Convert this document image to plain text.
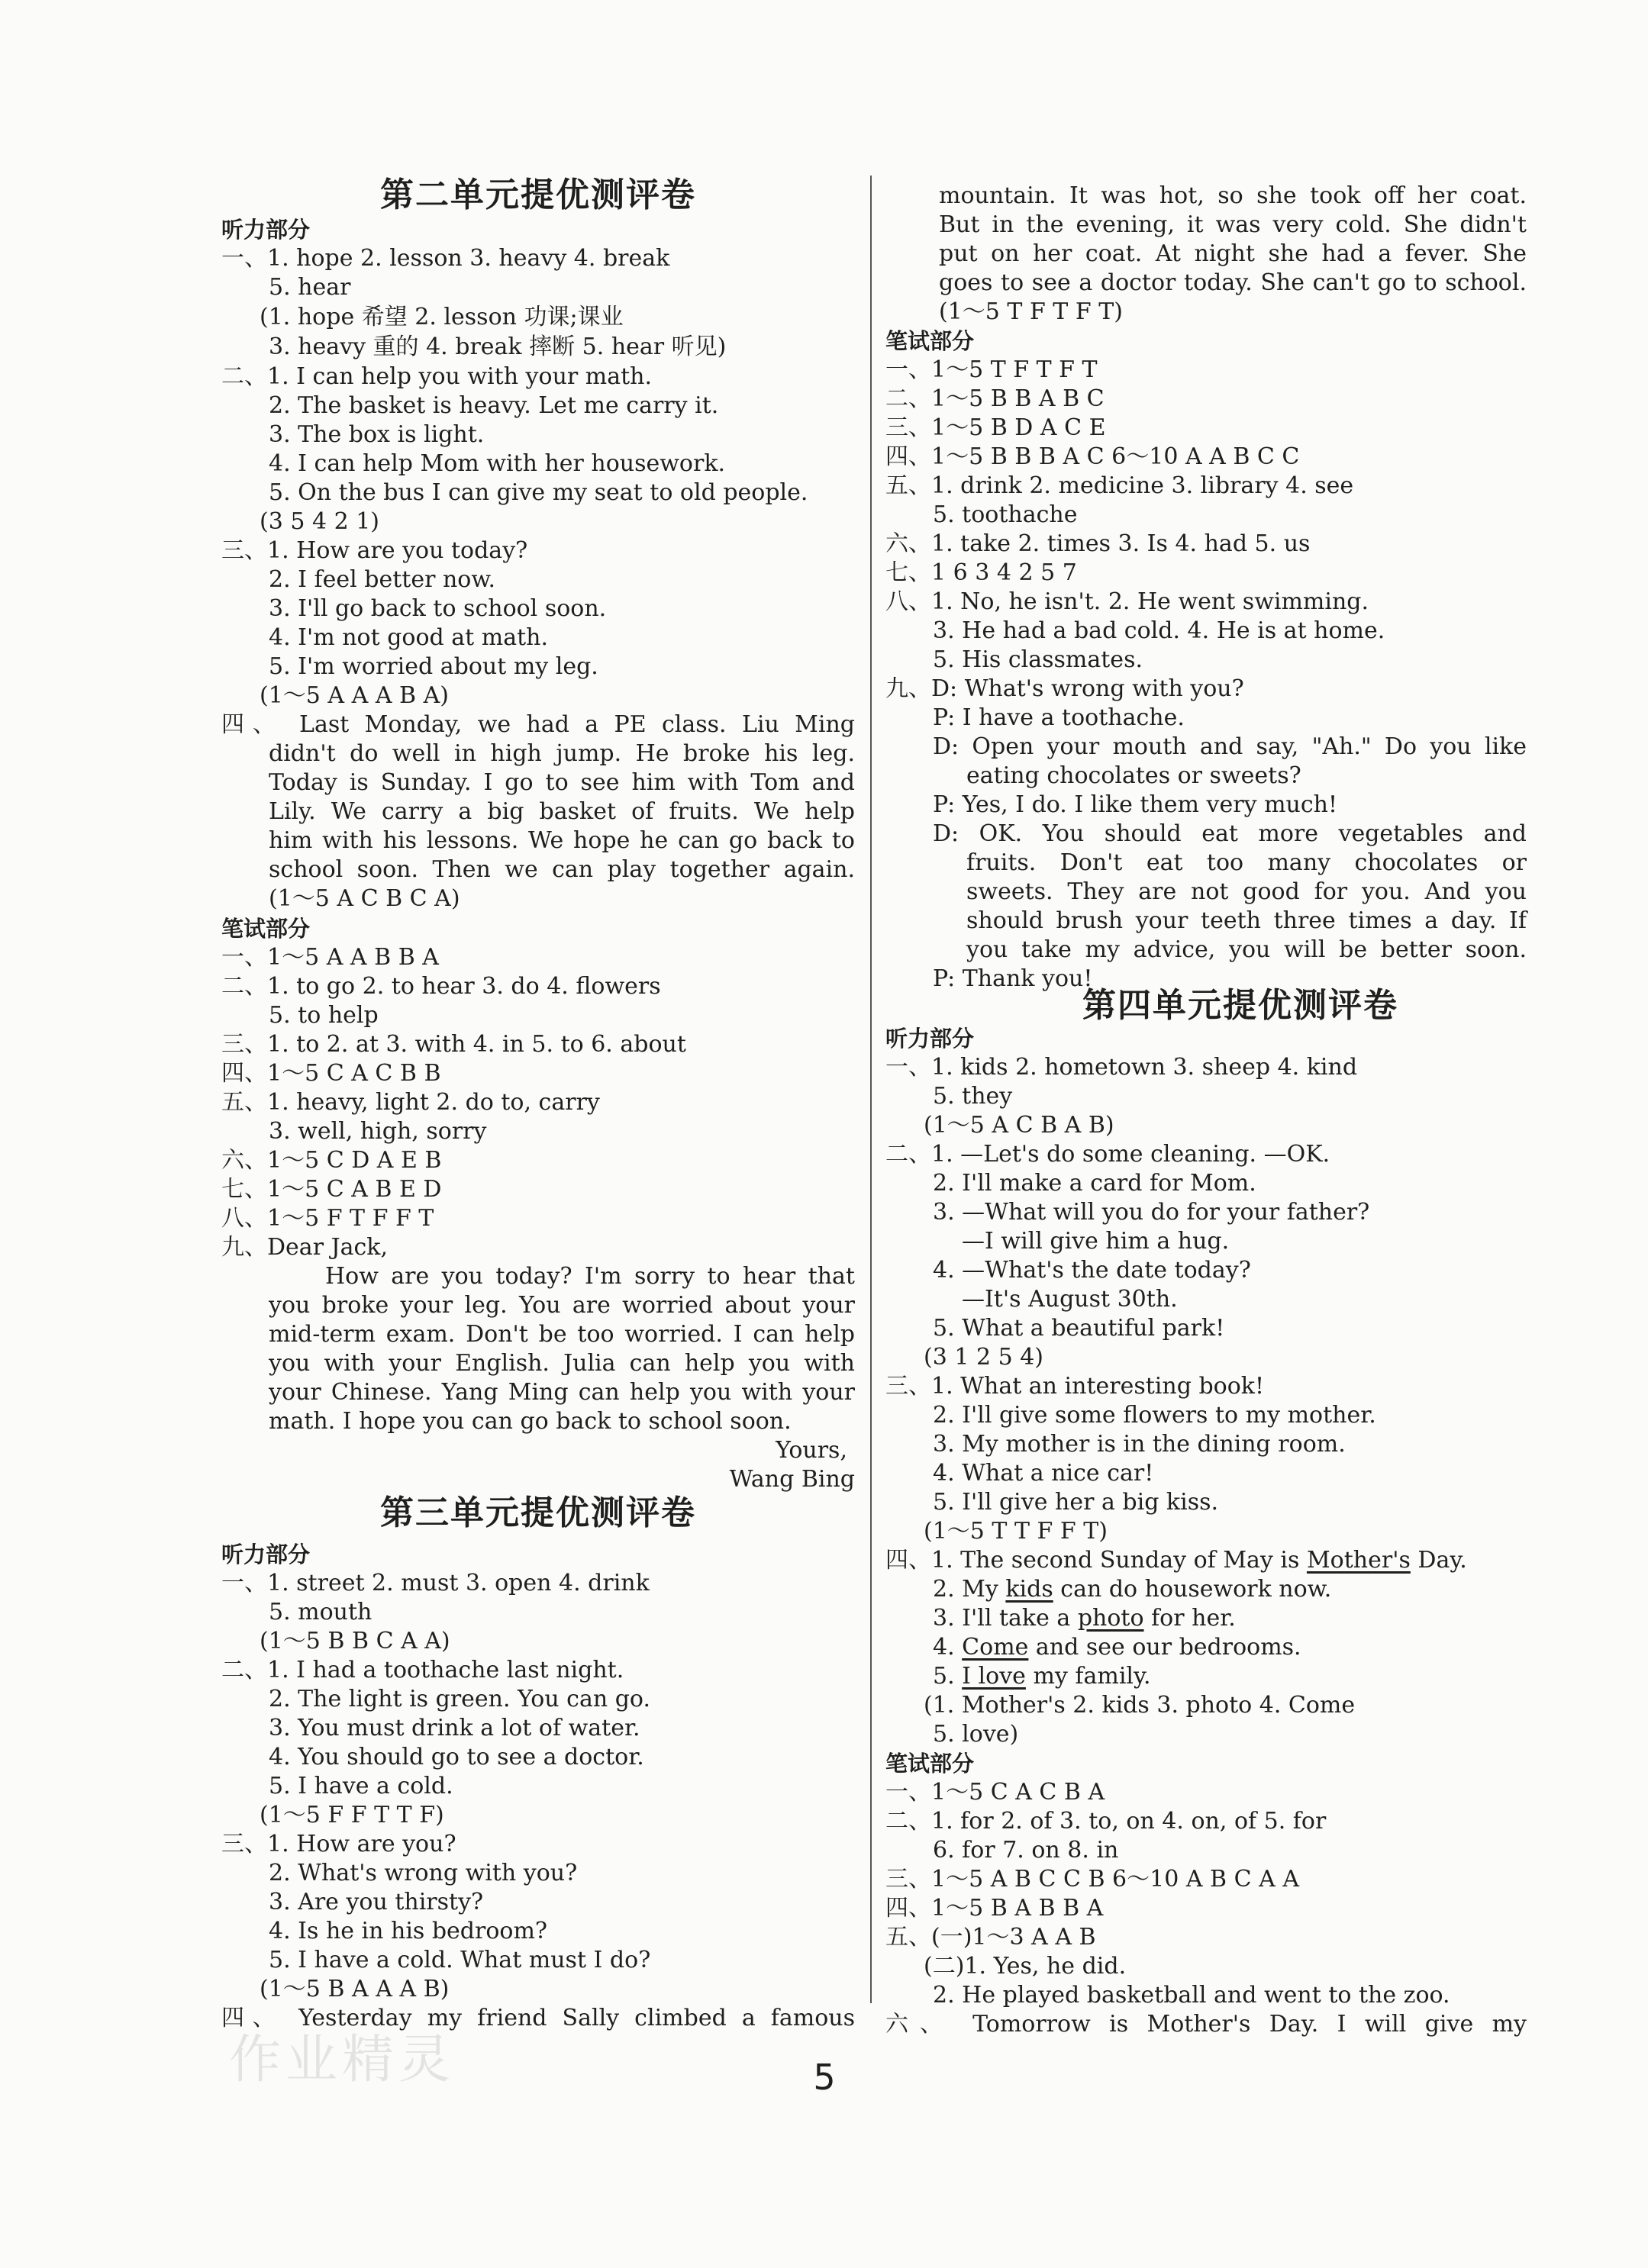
第二单元提优测评卷
听力部分
一、1. hope 2. lesson 3. heavy 4. break
5. hear
(1. hope 希望 2. lesson 功课;课业
3. heavy 重的 4. break 摔断 5. hear 听见)
二、1. I can help you with your math.
2. The basket is heavy. Let me carry it.
3. The box is light.
4. I can help Mom with her housework.
5. On the bus I can give my seat to old people.
(3 5 4 2 1)
三、1. How are you today?
2. I feel better now.
3. I'll go back to school soon.
4. I'm not good at math.
5. I'm worried about my leg.
(1～5 A A A B A)
四、 Last Monday, we had a PE class. Liu Ming
didn't do well in high jump. He broke his leg.
Today is Sunday. I go to see him with Tom and
Lily. We carry a big basket of fruits. We help
him with his lessons. We hope he can go back to
school soon. Then we can play together again.
(1～5 A C B C A)
笔试部分
一、1～5 A A B B A
二、1. to go 2. to hear 3. do 4. flowers
5. to help
三、1. to 2. at 3. with 4. in 5. to 6. about
四、1～5 C A C B B
五、1. heavy, light 2. do to, carry
3. well, high, sorry
六、1～5 C D A E B
七、1～5 C A B E D
八、1～5 F T F F T
九、Dear Jack,
How are you today? I'm sorry to hear that
you broke your leg. You are worried about your
mid-term exam. Don't be too worried. I can help
you with your English. Julia can help you with
your Chinese. Yang Ming can help you with your
math. I hope you can go back to school soon.
Yours,
Wang Bing
第三单元提优测评卷
听力部分
一、1. street 2. must 3. open 4. drink
5. mouth
(1～5 B B C A A)
二、1. I had a toothache last night.
2. The light is green. You can go.
3. You must drink a lot of water.
4. You should go to see a doctor.
5. I have a cold.
(1～5 F F T T F)
三、1. How are you?
2. What's wrong with you?
3. Are you thirsty?
4. Is he in his bedroom?
5. I have a cold. What must I do?
(1～5 B A A A B)
四、 Yesterday my friend Sally climbed a famous
mountain. It was hot, so she took off her coat.
But in the evening, it was very cold. She didn't
put on her coat. At night she had a fever. She
goes to see a doctor today. She can't go to school.
(1～5 T F T F T)
笔试部分
一、1～5 T F T F T
二、1～5 B B A B C
三、1～5 B D A C E
四、1～5 B B B A C 6～10 A A B C C
五、1. drink 2. medicine 3. library 4. see
5. toothache
六、1. take 2. times 3. Is 4. had 5. us
七、1 6 3 4 2 5 7
八、1. No, he isn't. 2. He went swimming.
3. He had a bad cold. 4. He is at home.
5. His classmates.
九、D: What's wrong with you?
P: I have a toothache.
D: Open your mouth and say, "Ah." Do you like
eating chocolates or sweets?
P: Yes, I do. I like them very much!
D: OK. You should eat more vegetables and
fruits. Don't eat too many chocolates or
sweets. They are not good for you. And you
should brush your teeth three times a day. If
you take my advice, you will be better soon.
P: Thank you!
第四单元提优测评卷
听力部分
一、1. kids 2. hometown 3. sheep 4. kind
5. they
(1～5 A C B A B)
二、1. —Let's do some cleaning. —OK.
2. I'll make a card for Mom.
3. —What will you do for your father?
—I will give him a hug.
4. —What's the date today?
—It's August 30th.
5. What a beautiful park!
(3 1 2 5 4)
三、1. What an interesting book!
2. I'll give some flowers to my mother.
3. My mother is in the dining room.
4. What a nice car!
5. I'll give her a big kiss.
(1～5 T T F F T)
四、1. The second Sunday of May is Mother's Day.
2. My kids can do housework now.
3. I'll take a photo for her.
4. Come and see our bedrooms.
5. I love my family.
(1. Mother's 2. kids 3. photo 4. Come
5. love)
笔试部分
一、1～5 C A C B A
二、1. for 2. of 3. to, on 4. on, of 5. for
6. for 7. on 8. in
三、1～5 A B C C B 6～10 A B C A A
四、1～5 B A B B A
五、(一)1～3 A A B
(二)1. Yes, he did.
2. He played basketball and went to the zoo.
六、 Tomorrow is Mother's Day. I will give my
作业精灵	5
